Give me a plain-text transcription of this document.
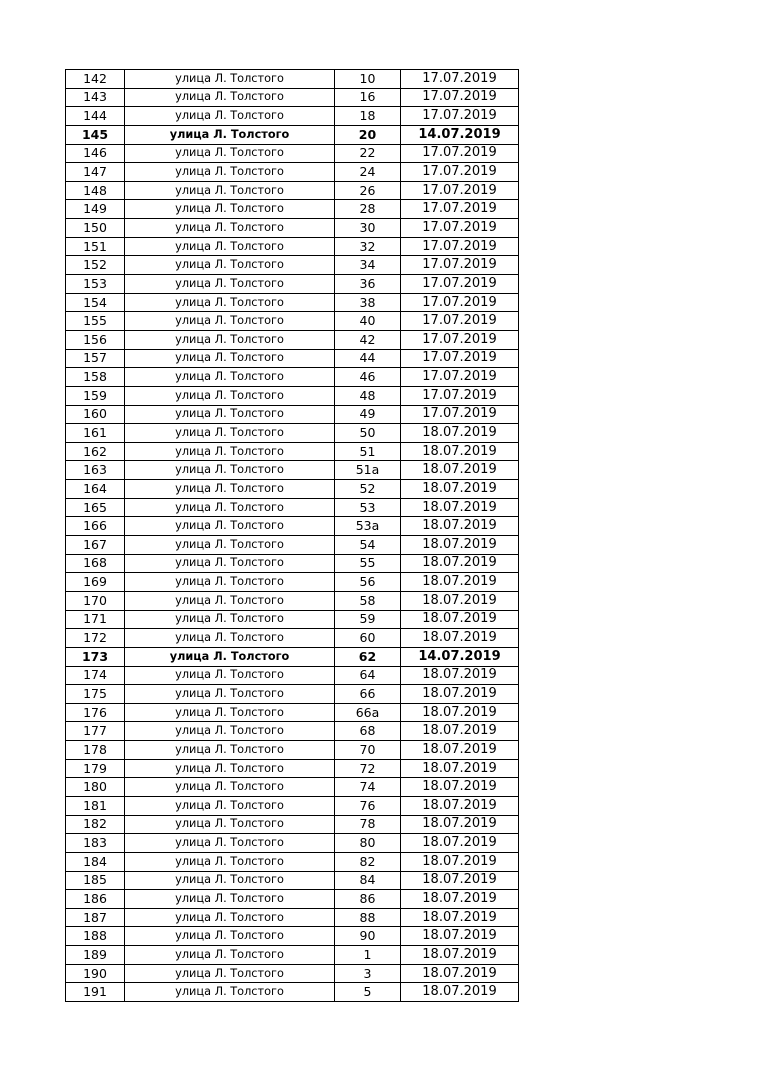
142	улица Л. Толстого	10	17.07.2019
143	улица Л. Толстого	16	17.07.2019
144	улица Л. Толстого	18	17.07.2019
145	улица Л. Толстого	20	14.07.2019
146	улица Л. Толстого	22	17.07.2019
147	улица Л. Толстого	24	17.07.2019
148	улица Л. Толстого	26	17.07.2019
149	улица Л. Толстого	28	17.07.2019
150	улица Л. Толстого	30	17.07.2019
151	улица Л. Толстого	32	17.07.2019
152	улица Л. Толстого	34	17.07.2019
153	улица Л. Толстого	36	17.07.2019
154	улица Л. Толстого	38	17.07.2019
155	улица Л. Толстого	40	17.07.2019
156	улица Л. Толстого	42	17.07.2019
157	улица Л. Толстого	44	17.07.2019
158	улица Л. Толстого	46	17.07.2019
159	улица Л. Толстого	48	17.07.2019
160	улица Л. Толстого	49	17.07.2019
161	улица Л. Толстого	50	18.07.2019
162	улица Л. Толстого	51	18.07.2019
163	улица Л. Толстого	51а	18.07.2019
164	улица Л. Толстого	52	18.07.2019
165	улица Л. Толстого	53	18.07.2019
166	улица Л. Толстого	53а	18.07.2019
167	улица Л. Толстого	54	18.07.2019
168	улица Л. Толстого	55	18.07.2019
169	улица Л. Толстого	56	18.07.2019
170	улица Л. Толстого	58	18.07.2019
171	улица Л. Толстого	59	18.07.2019
172	улица Л. Толстого	60	18.07.2019
173	улица Л. Толстого	62	14.07.2019
174	улица Л. Толстого	64	18.07.2019
175	улица Л. Толстого	66	18.07.2019
176	улица Л. Толстого	66а	18.07.2019
177	улица Л. Толстого	68	18.07.2019
178	улица Л. Толстого	70	18.07.2019
179	улица Л. Толстого	72	18.07.2019
180	улица Л. Толстого	74	18.07.2019
181	улица Л. Толстого	76	18.07.2019
182	улица Л. Толстого	78	18.07.2019
183	улица Л. Толстого	80	18.07.2019
184	улица Л. Толстого	82	18.07.2019
185	улица Л. Толстого	84	18.07.2019
186	улица Л. Толстого	86	18.07.2019
187	улица Л. Толстого	88	18.07.2019
188	улица Л. Толстого	90	18.07.2019
189	улица Л. Толстого	1	18.07.2019
190	улица Л. Толстого	3	18.07.2019
191	улица Л. Толстого	5	18.07.2019
